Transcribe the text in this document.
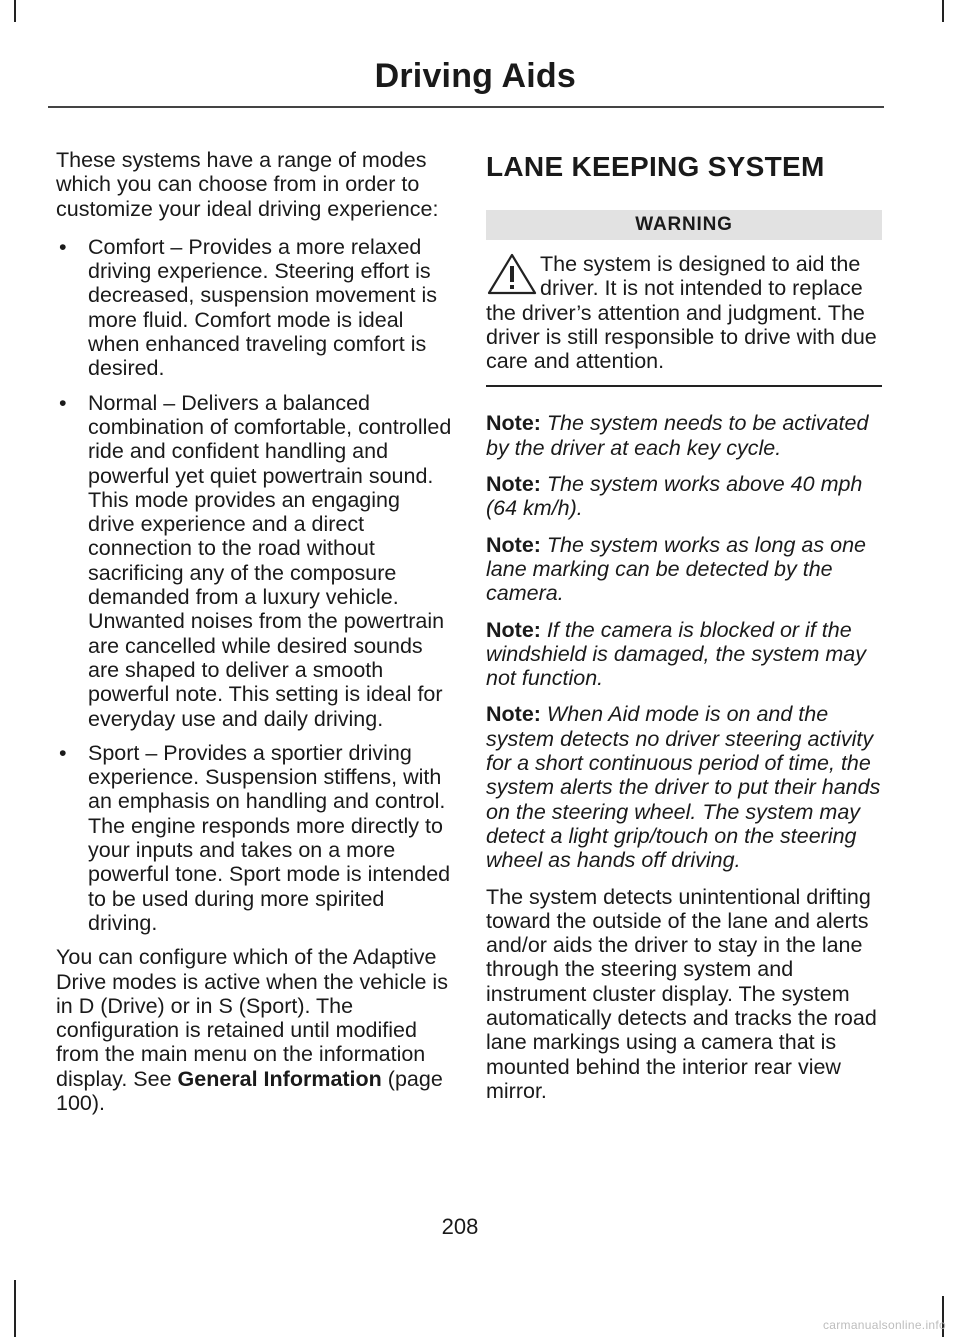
Driving Aids

These systems have a range of modes which you can choose from in order to customize your ideal driving experience:

• Comfort – Provides a more relaxed driving experience. Steering effort is decreased, suspension movement is more fluid. Comfort mode is ideal when enhanced traveling comfort is desired.
• Normal – Delivers a balanced combination of comfortable, controlled ride and confident handling and powerful yet quiet powertrain sound. This mode provides an engaging drive experience and a direct connection to the road without sacrificing any of the composure demanded from a luxury vehicle. Unwanted noises from the powertrain are cancelled while desired sounds are shaped to deliver a smooth powerful note. This setting is ideal for everyday use and daily driving.
• Sport – Provides a sportier driving experience. Suspension stiffens, with an emphasis on handling and control. The engine responds more directly to your inputs and takes on a more powerful tone. Sport mode is intended to be used during more spirited driving.

You can configure which of the Adaptive Drive modes is active when the vehicle is in D (Drive) or in S (Sport). The configuration is retained until modified from the main menu on the information display. See General Information (page 100).

LANE KEEPING SYSTEM
WARNING
The system is designed to aid the driver. It is not intended to replace the driver’s attention and judgment. The driver is still responsible to drive with due care and attention.

Note: The system needs to be activated by the driver at each key cycle.

Note: The system works above 40 mph (64 km/h).

Note: The system works as long as one lane marking can be detected by the camera.

Note: If the camera is blocked or if the windshield is damaged, the system may not function.

Note: When Aid mode is on and the system detects no driver steering activity for a short continuous period of time, the system alerts the driver to put their hands on the steering wheel. The system may detect a light grip/touch on the steering wheel as hands off driving.

The system detects unintentional drifting toward the outside of the lane and alerts and/or aids the driver to stay in the lane through the steering system and instrument cluster display. The system automatically detects and tracks the road lane markings using a camera that is mounted behind the interior rear view mirror.

208
carmanualsonline.info
